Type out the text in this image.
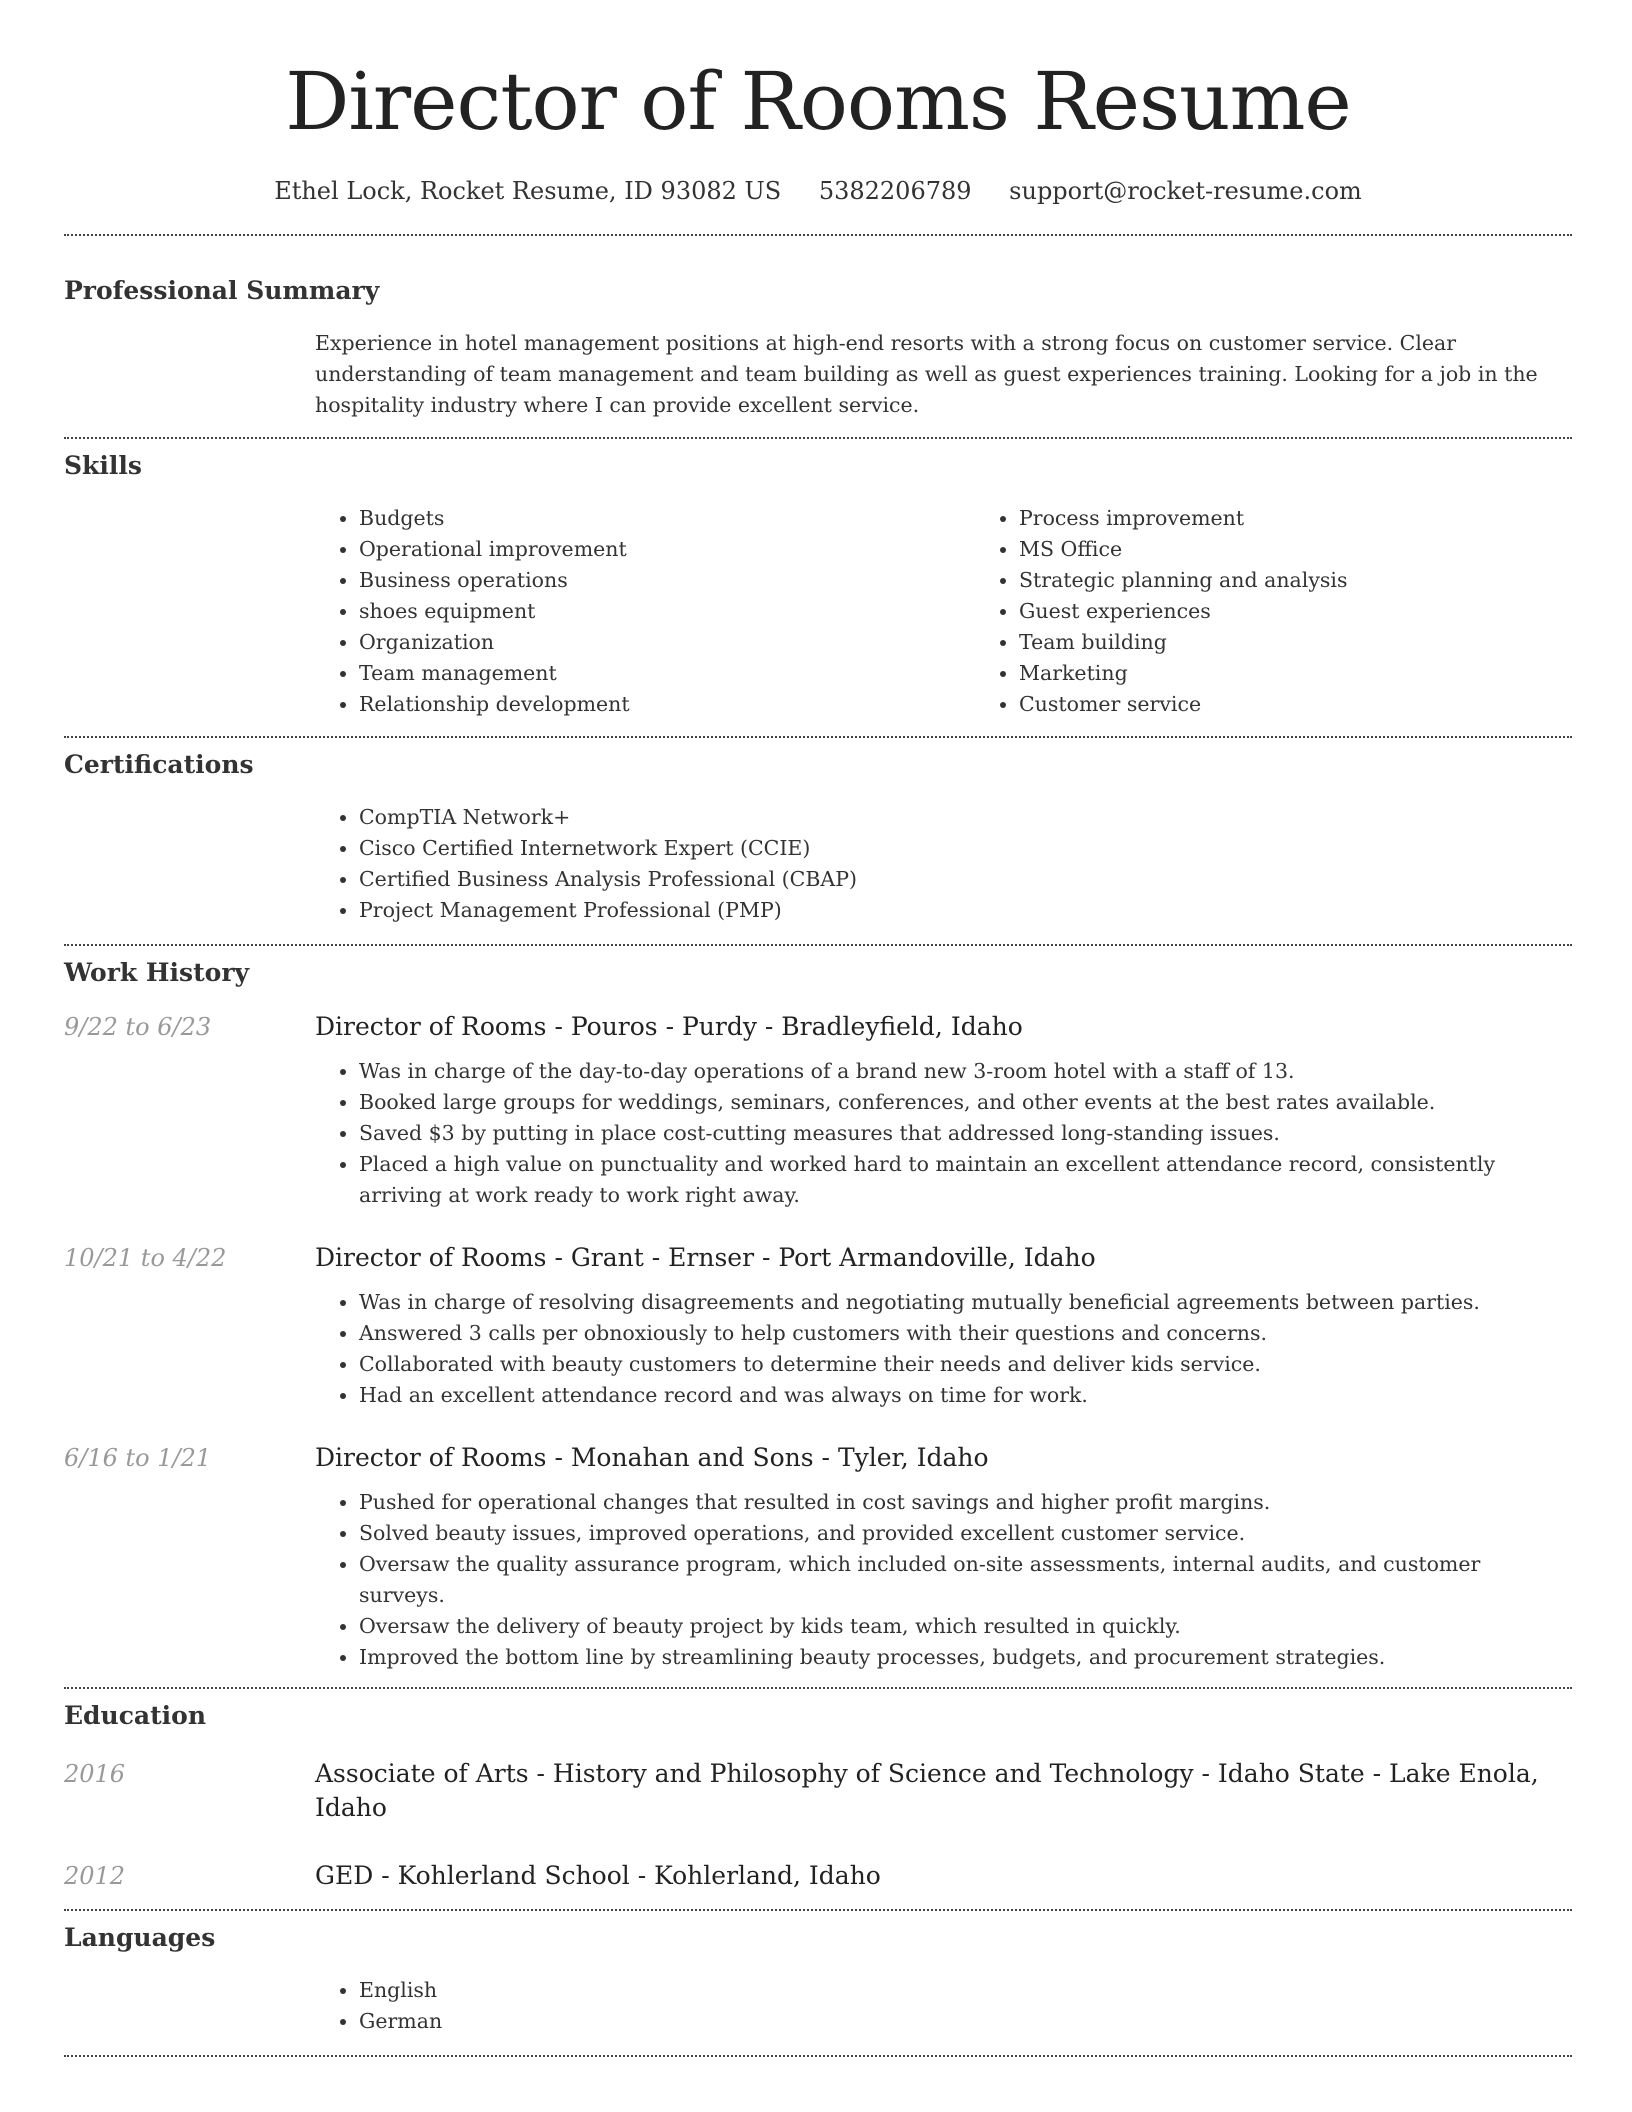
Director of Rooms Resume
Ethel Lock, Rocket Resume, ID 93082 US 5382206789 support@rocket-resume.com
Professional Summary

Experience in hotel management positions at high-end resorts with a strong focus on customer service. Clear understanding of team management and team building as well as guest experiences training. Looking for a job in the hospitality industry where I can provide excellent service.

Skills
• Budgets
• Operational improvement
• Business operations
• shoes equipment
• Organization
• Team management
• Relationship development
• Process improvement
• MS Office
• Strategic planning and analysis
• Guest experiences
• Team building
• Marketing
• Customer service
Certifications
• CompTIA Network+
• Cisco Certified Internetwork Expert (CCIE)
• Certified Business Analysis Professional (CBAP)
• Project Management Professional (PMP)
Work History
9/22 to 6/23	Director of Rooms - Pouros - Purdy - Bradleyfield, Idaho
• Was in charge of the day-to-day operations of a brand new 3-room hotel with a staff of 13.
• Booked large groups for weddings, seminars, conferences, and other events at the best rates available.
• Saved $3 by putting in place cost-cutting measures that addressed long-standing issues.
• Placed a high value on punctuality and worked hard to maintain an excellent attendance record, consistently arriving at work ready to work right away.
10/21 to 4/22	Director of Rooms - Grant - Ernser - Port Armandoville, Idaho
• Was in charge of resolving disagreements and negotiating mutually beneficial agreements between parties.
• Answered 3 calls per obnoxiously to help customers with their questions and concerns.
• Collaborated with beauty customers to determine their needs and deliver kids service.
• Had an excellent attendance record and was always on time for work.
6/16 to 1/21	Director of Rooms - Monahan and Sons - Tyler, Idaho
• Pushed for operational changes that resulted in cost savings and higher profit margins.
• Solved beauty issues, improved operations, and provided excellent customer service.
• Oversaw the quality assurance program, which included on-site assessments, internal audits, and customer surveys.
• Oversaw the delivery of beauty project by kids team, which resulted in quickly.
• Improved the bottom line by streamlining beauty processes, budgets, and procurement strategies.
Education
2016	Associate of Arts - History and Philosophy of Science and Technology - Idaho State - Lake Enola, Idaho
2012	GED - Kohlerland School - Kohlerland, Idaho
Languages
• English
• German
